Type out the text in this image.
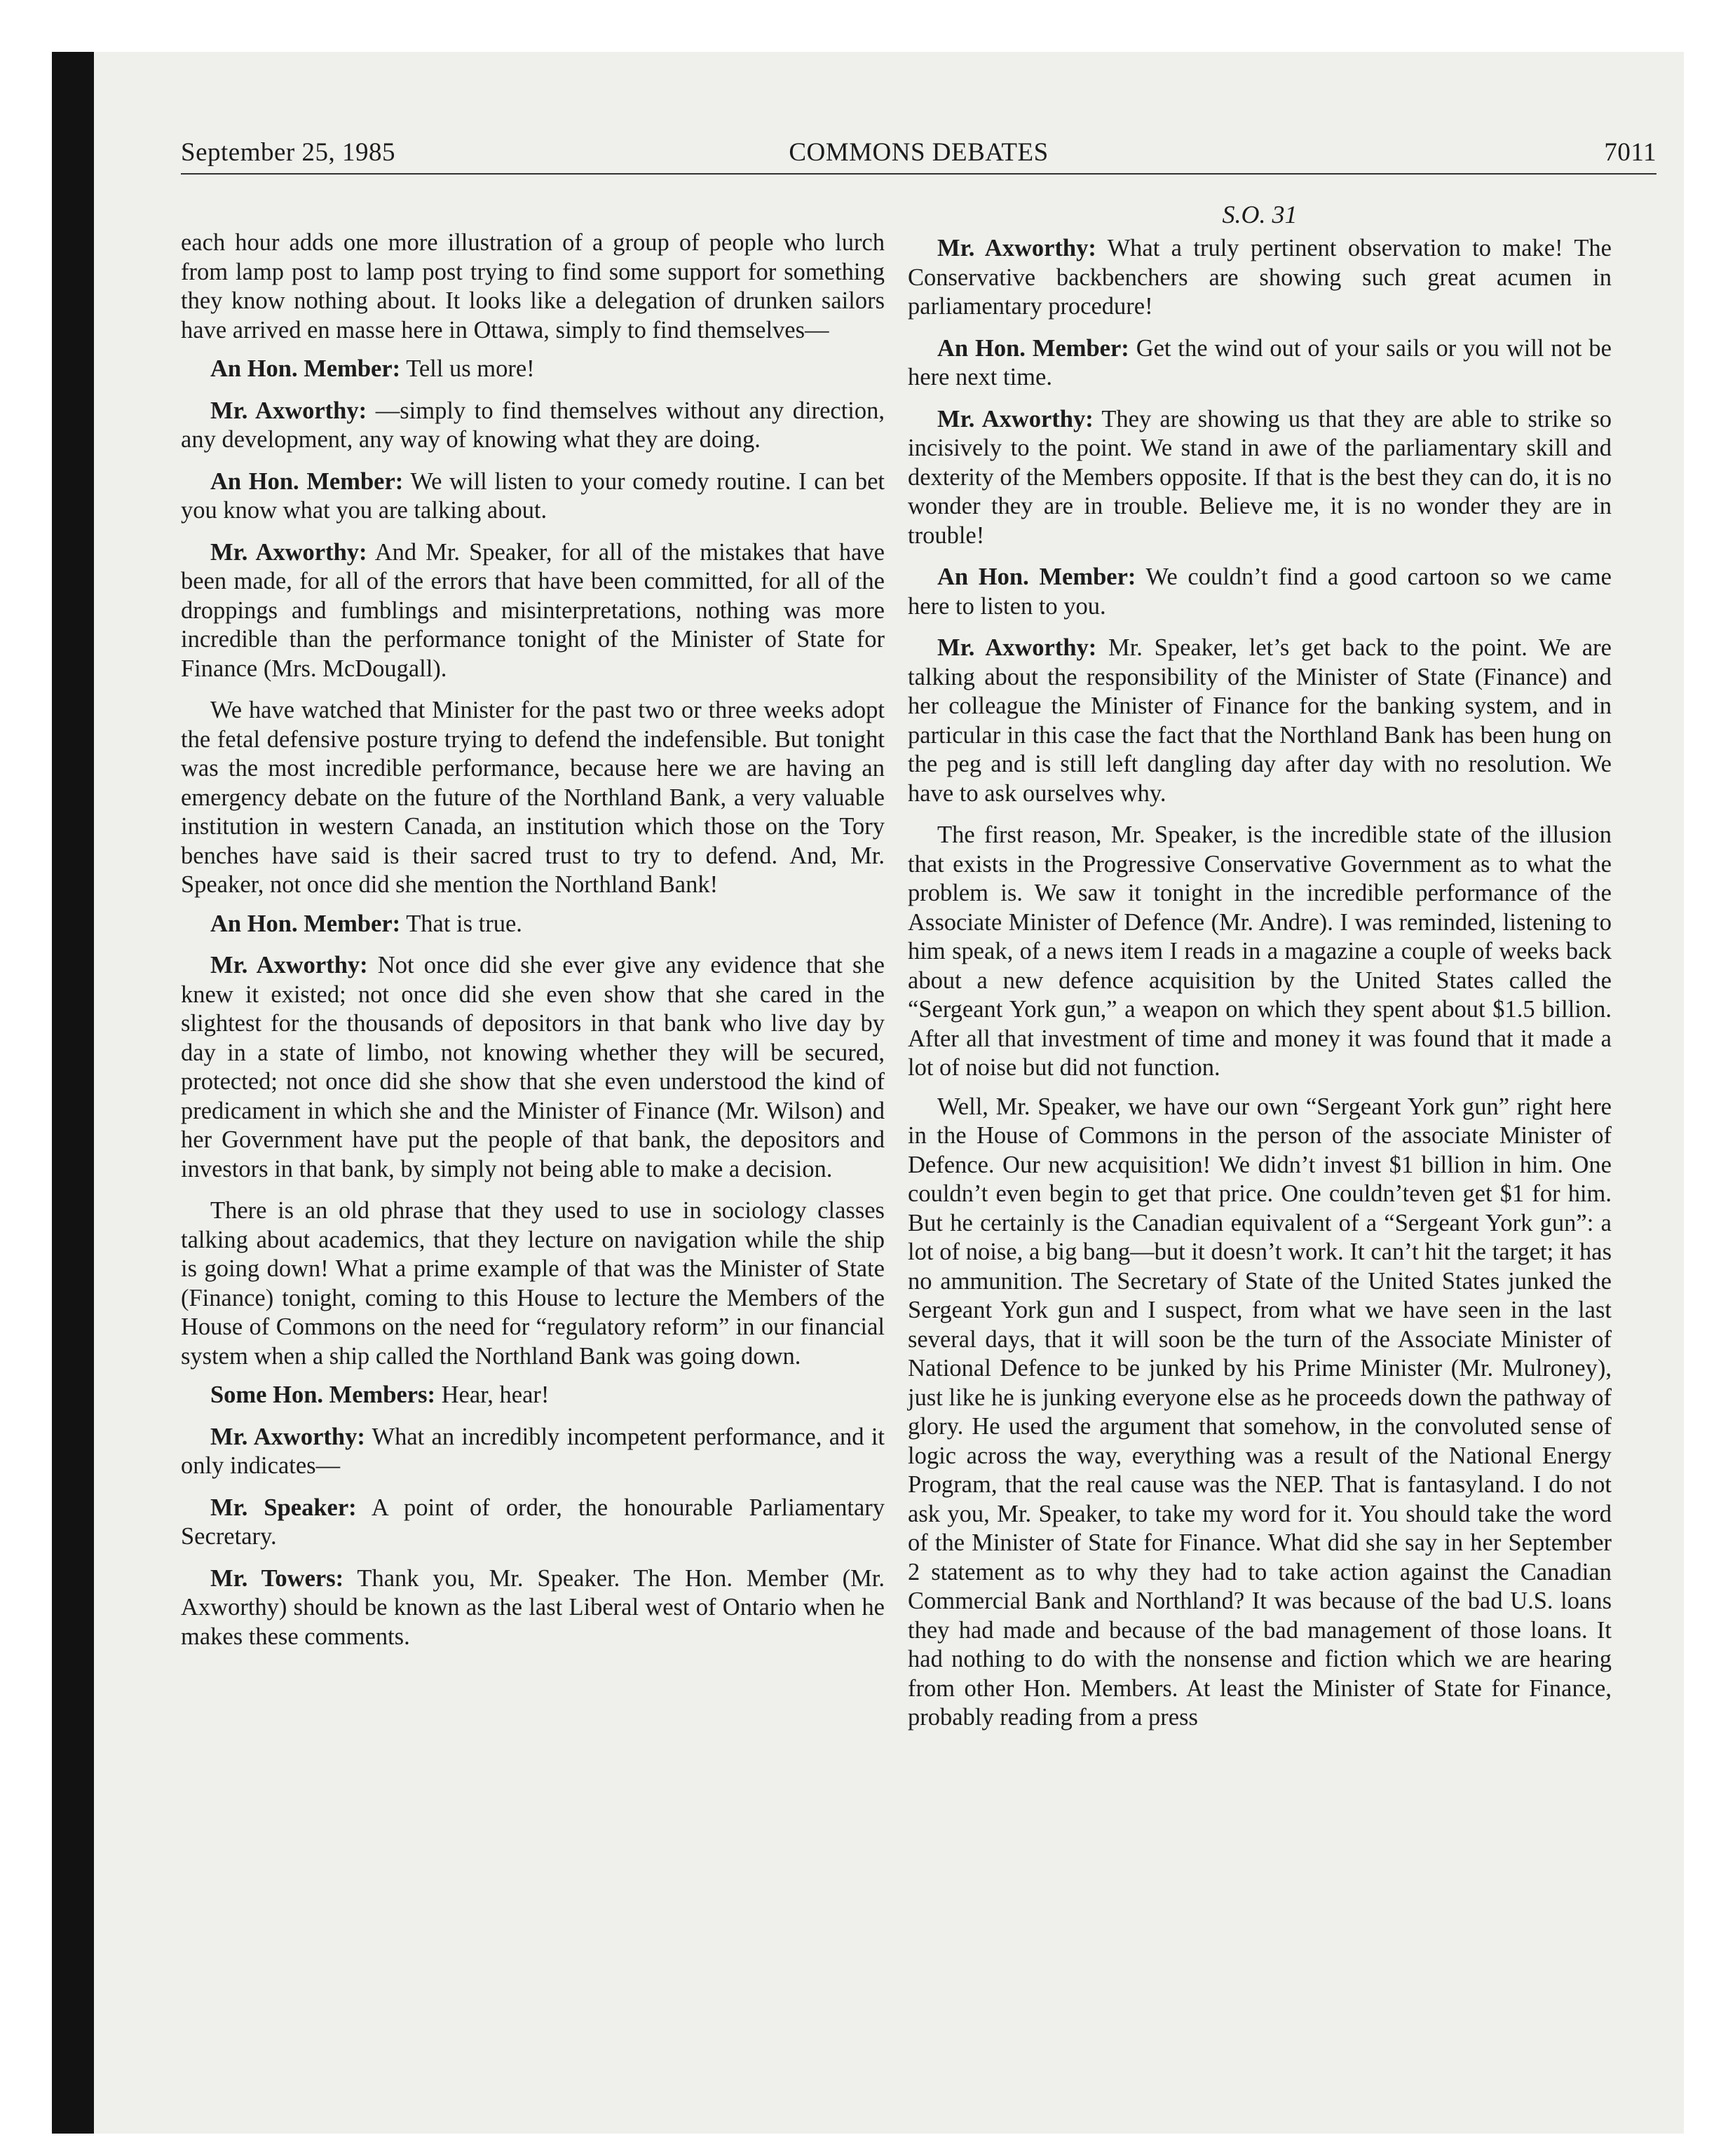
September 25, 1985	COMMONS DEBATES	7011
each hour adds one more illustration of a group of people who lurch from lamp post to lamp post trying to find some support for something they know nothing about. It looks like a delegation of drunken sailors have arrived en masse here in Ottawa, simply to find themselves—
An Hon. Member: Tell us more!
Mr. Axworthy: —simply to find themselves without any direction, any development, any way of knowing what they are doing.
An Hon. Member: We will listen to your comedy routine. I can bet you know what you are talking about.
Mr. Axworthy: And Mr. Speaker, for all of the mistakes that have been made, for all of the errors that have been committed, for all of the droppings and fumblings and misinterpretations, nothing was more incredible than the performance tonight of the Minister of State for Finance (Mrs. McDougall).
We have watched that Minister for the past two or three weeks adopt the fetal defensive posture trying to defend the indefensible. But tonight was the most incredible performance, because here we are having an emergency debate on the future of the Northland Bank, a very valuable institution in western Canada, an institution which those on the Tory benches have said is their sacred trust to try to defend. And, Mr. Speaker, not once did she mention the Northland Bank!
An Hon. Member: That is true.
Mr. Axworthy: Not once did she ever give any evidence that she knew it existed; not once did she even show that she cared in the slightest for the thousands of depositors in that bank who live day by day in a state of limbo, not knowing whether they will be secured, protected; not once did she show that she even understood the kind of predicament in which she and the Minister of Finance (Mr. Wilson) and her Government have put the people of that bank, the depositors and investors in that bank, by simply not being able to make a decision.
There is an old phrase that they used to use in sociology classes talking about academics, that they lecture on navigation while the ship is going down! What a prime example of that was the Minister of State (Finance) tonight, coming to this House to lecture the Members of the House of Commons on the need for “regulatory reform” in our financial system when a ship called the Northland Bank was going down.
Some Hon. Members: Hear, hear!
Mr. Axworthy: What an incredibly incompetent performance, and it only indicates—
Mr. Speaker: A point of order, the honourable Parliamentary Secretary.
Mr. Towers: Thank you, Mr. Speaker. The Hon. Member (Mr. Axworthy) should be known as the last Liberal west of Ontario when he makes these comments.
S.O. 31
Mr. Axworthy: What a truly pertinent observation to make! The Conservative backbenchers are showing such great acumen in parliamentary procedure!
An Hon. Member: Get the wind out of your sails or you will not be here next time.
Mr. Axworthy: They are showing us that they are able to strike so incisively to the point. We stand in awe of the parliamentary skill and dexterity of the Members opposite. If that is the best they can do, it is no wonder they are in trouble. Believe me, it is no wonder they are in trouble!
An Hon. Member: We couldn’t find a good cartoon so we came here to listen to you.
Mr. Axworthy: Mr. Speaker, let’s get back to the point. We are talking about the responsibility of the Minister of State (Finance) and her colleague the Minister of Finance for the banking system, and in particular in this case the fact that the Northland Bank has been hung on the peg and is still left dangling day after day with no resolution. We have to ask ourselves why.
The first reason, Mr. Speaker, is the incredible state of the illusion that exists in the Progressive Conservative Government as to what the problem is. We saw it tonight in the incredible performance of the Associate Minister of Defence (Mr. Andre). I was reminded, listening to him speak, of a news item I reads in a magazine a couple of weeks back about a new defence acquisition by the United States called the “Sergeant York gun,” a weapon on which they spent about $1.5 billion. After all that investment of time and money it was found that it made a lot of noise but did not function.
Well, Mr. Speaker, we have our own “Sergeant York gun” right here in the House of Commons in the person of the associate Minister of Defence. Our new acquisition! We didn’t invest $1 billion in him. One couldn’t even begin to get that price. One couldn’teven get $1 for him. But he certainly is the Canadian equivalent of a “Sergeant York gun”: a lot of noise, a big bang—but it doesn’t work. It can’t hit the target; it has no ammunition. The Secretary of State of the United States junked the Sergeant York gun and I suspect, from what we have seen in the last several days, that it will soon be the turn of the Associate Minister of National Defence to be junked by his Prime Minister (Mr. Mulroney), just like he is junking everyone else as he proceeds down the pathway of glory. He used the argument that somehow, in the convoluted sense of logic across the way, everything was a result of the National Energy Program, that the real cause was the NEP. That is fantasyland. I do not ask you, Mr. Speaker, to take my word for it. You should take the word of the Minister of State for Finance. What did she say in her September 2 statement as to why they had to take action against the Canadian Commercial Bank and Northland? It was because of the bad U.S. loans they had made and because of the bad management of those loans. It had nothing to do with the nonsense and fiction which we are hearing from other Hon. Members. At least the Minister of State for Finance, probably reading from a press
